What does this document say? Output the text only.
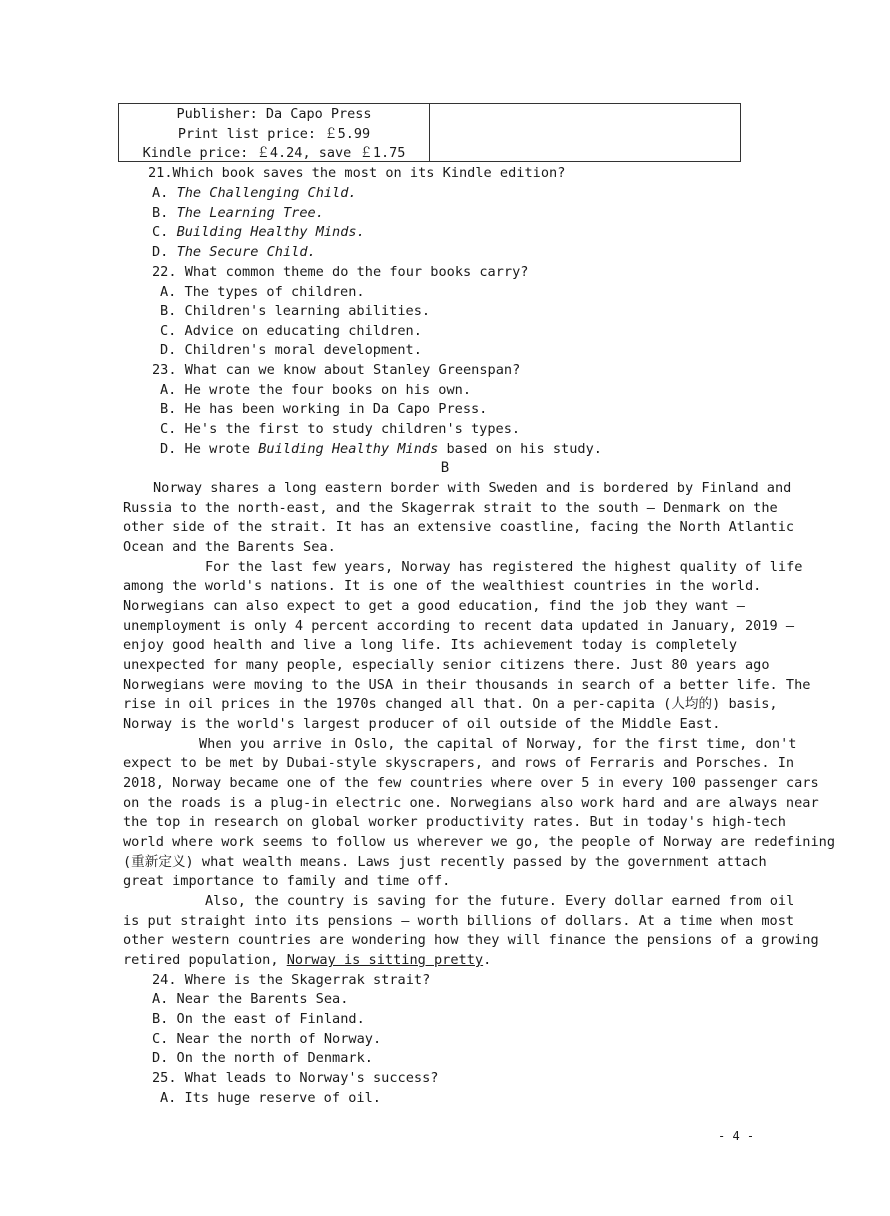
Publisher: Da Capo Press
Print list price: ￡5.99
Kindle price: ￡4.24, save ￡1.75
21.Which book saves the most on its Kindle edition?
A. The Challenging Child.
B. The Learning Tree.
C. Building Healthy Minds.
D. The Secure Child.
22. What common theme do the four books carry?
A. The types of children.
B. Children's learning abilities.
C. Advice on educating children.
D. Children's moral development.
23. What can we know about Stanley Greenspan?
A. He wrote the four books on his own.
B. He has been working in Da Capo Press.
C. He's the first to study children's types.
D. He wrote Building Healthy Minds based on his study.
B
Norway shares a long eastern border with Sweden and is bordered by Finland and
Russia to the north-east, and the Skagerrak strait to the south — Denmark on the
other side of the strait. It has an extensive coastline, facing the North Atlantic
Ocean and the Barents Sea.
For the last few years, Norway has registered the highest quality of life
among the world's nations. It is one of the wealthiest countries in the world.
Norwegians can also expect to get a good education, find the job they want —
unemployment is only 4 percent according to recent data updated in January, 2019 —
enjoy good health and live a long life. Its achievement today is completely
unexpected for many people, especially senior citizens there. Just 80 years ago
Norwegians were moving to the USA in their thousands in search of a better life. The
rise in oil prices in the 1970s changed all that. On a per-capita (人均的) basis,
Norway is the world's largest producer of oil outside of the Middle East.
When you arrive in Oslo, the capital of Norway, for the first time, don't
expect to be met by Dubai-style skyscrapers, and rows of Ferraris and Porsches. In
2018, Norway became one of the few countries where over 5 in every 100 passenger cars
on the roads is a plug-in electric one. Norwegians also work hard and are always near
the top in research on global worker productivity rates. But in today's high-tech
world where work seems to follow us wherever we go, the people of Norway are redefining
(重新定义) what wealth means. Laws just recently passed by the government attach
great importance to family and time off.
Also, the country is saving for the future. Every dollar earned from oil
is put straight into its pensions — worth billions of dollars. At a time when most
other western countries are wondering how they will finance the pensions of a growing
retired population, Norway is sitting pretty.
24. Where is the Skagerrak strait?
A. Near the Barents Sea.
B. On the east of Finland.
C. Near the north of Norway.
D. On the north of Denmark.
25. What leads to Norway's success?
A. Its huge reserve of oil.
- 4 -
